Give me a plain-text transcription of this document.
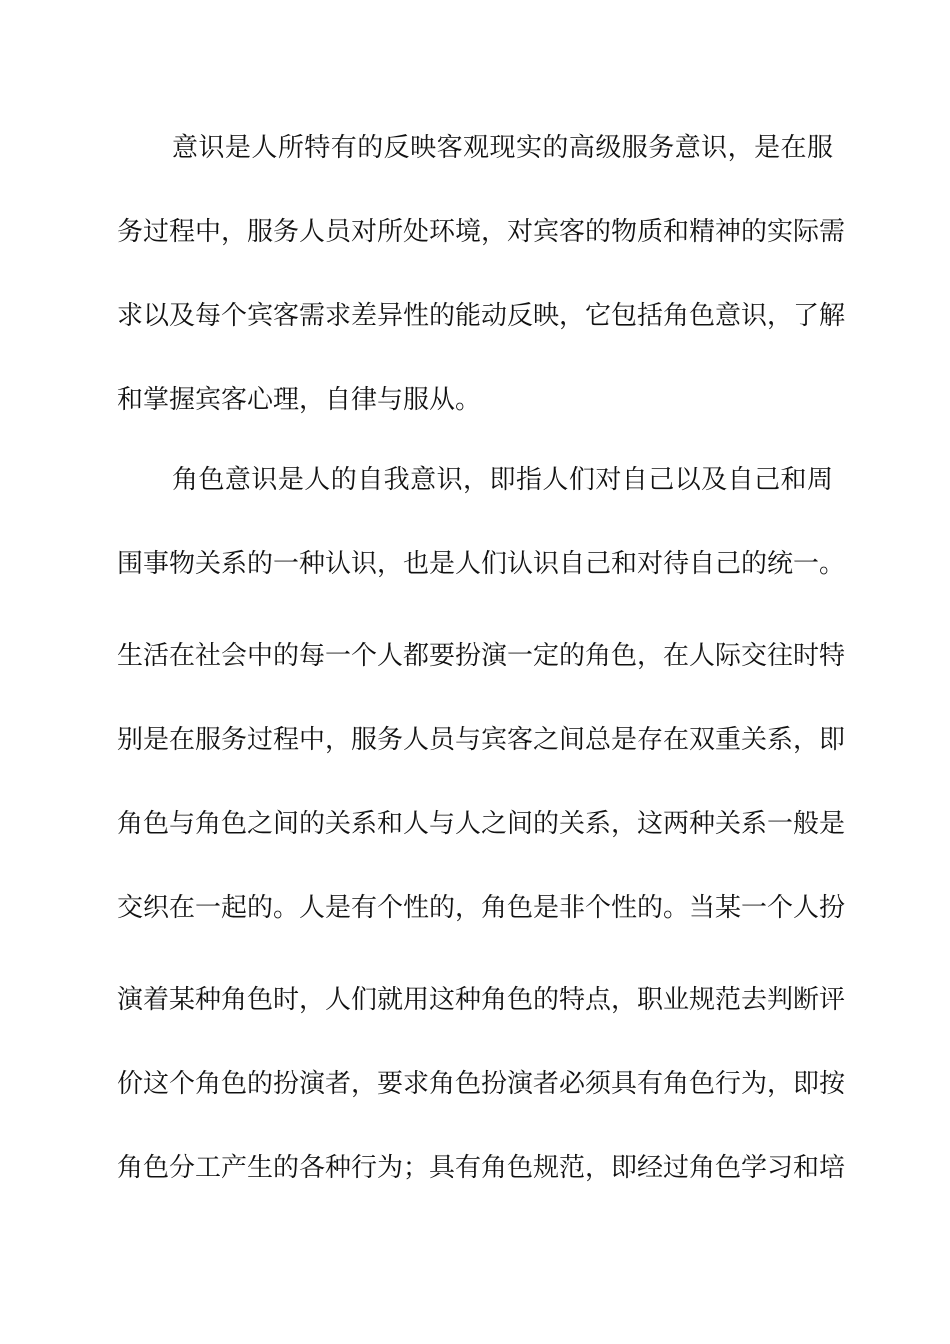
意识是人所特有的反映客观现实的高级服务意识，是在服
务过程中，服务人员对所处环境，对宾客的物质和精神的实际需
求以及每个宾客需求差异性的能动反映，它包括角色意识，了解
和掌握宾客心理，自律与服从。
角色意识是人的自我意识，即指人们对自己以及自己和周
围事物关系的一种认识，也是人们认识自己和对待自己的统一。
生活在社会中的每一个人都要扮演一定的角色，在人际交往时特
别是在服务过程中，服务人员与宾客之间总是存在双重关系，即
角色与角色之间的关系和人与人之间的关系，这两种关系一般是
交织在一起的。人是有个性的，角色是非个性的。当某一个人扮
演着某种角色时，人们就用这种角色的特点，职业规范去判断评
价这个角色的扮演者，要求角色扮演者必须具有角色行为，即按
角色分工产生的各种行为；具有角色规范，即经过角色学习和培
